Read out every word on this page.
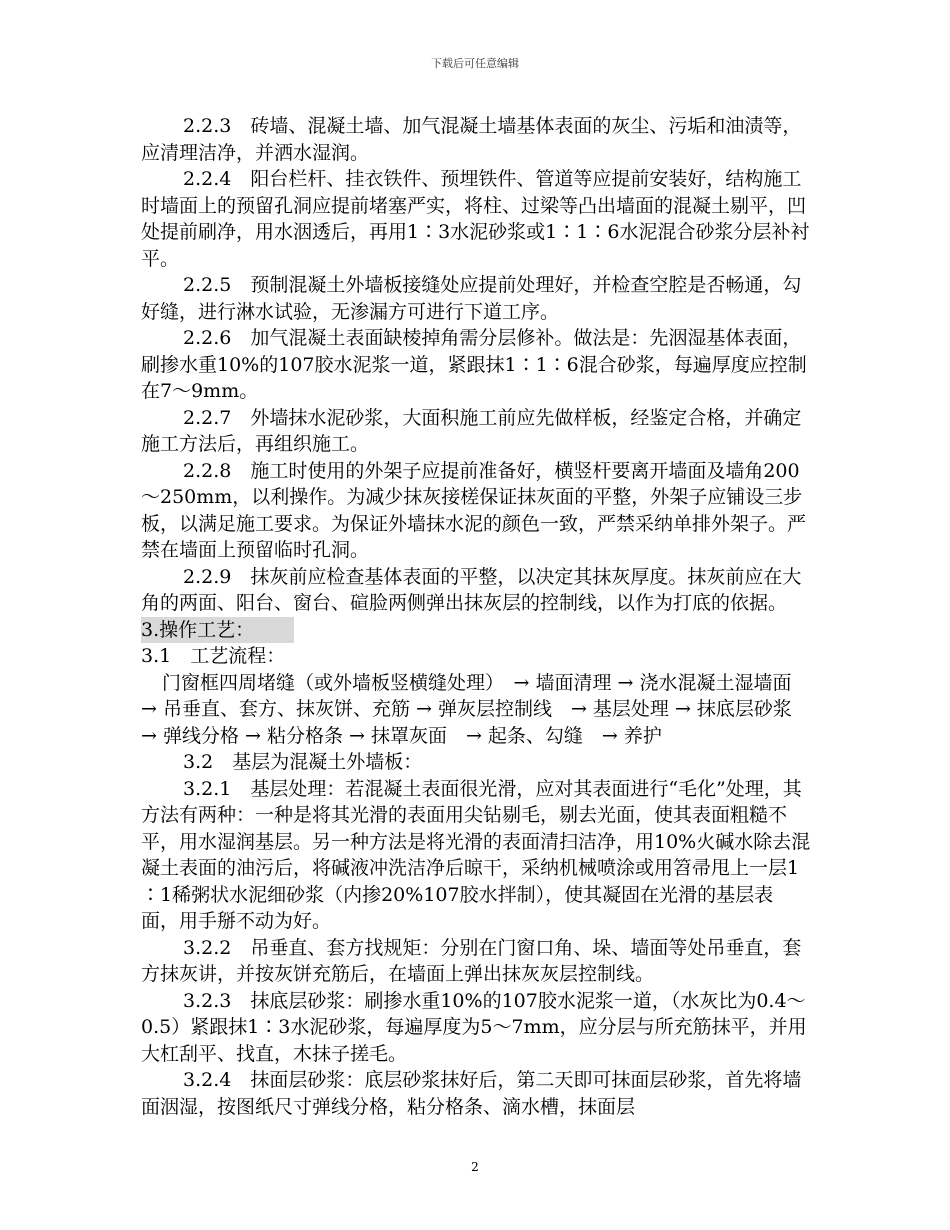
下载后可任意编辑

2.2.3　砖墙、混凝土墙、加气混凝土墙基体表面的灰尘、污垢和油渍等，应清理洁净，并洒水湿润。

2.2.4　阳台栏杆、挂衣铁件、预埋铁件、管道等应提前安装好，结构施工时墙面上的预留孔洞应提前堵塞严实，将柱、过梁等凸出墙面的混凝土剔平，凹处提前刷净，用水洇透后，再用1∶3水泥砂浆或1∶1∶6水泥混合砂浆分层补衬平。

2.2.5　预制混凝土外墙板接缝处应提前处理好，并检查空腔是否畅通，勾好缝，进行淋水试验，无渗漏方可进行下道工序。

2.2.6　加气混凝土表面缺棱掉角需分层修补。做法是：先洇湿基体表面，刷掺水重10%的107胶水泥浆一道，紧跟抹1∶1∶6混合砂浆，每遍厚度应控制在7～9mm。

2.2.7　外墙抹水泥砂浆，大面积施工前应先做样板，经鉴定合格，并确定施工方法后，再组织施工。

2.2.8　施工时使用的外架子应提前准备好，横竖杆要离开墙面及墙角200～250mm，以利操作。为减少抹灰接槎保证抹灰面的平整，外架子应铺设三步板，以满足施工要求。为保证外墙抹水泥的颜色一致，严禁采纳单排外架子。严禁在墙面上预留临时孔洞。

2.2.9　抹灰前应检查基体表面的平整，以决定其抹灰厚度。抹灰前应在大角的两面、阳台、窗台、碹脸两侧弹出抹灰层的控制线，以作为打底的依据。

3.操作工艺：

3.1　工艺流程：

门窗框四周堵缝（或外墙板竖横缝处理）　→ 墙面清理 → 浇水混凝土湿墙面　→ 吊垂直、套方、抹灰饼、充筋 → 弹灰层控制线　→ 基层处理 → 抹底层砂浆　→ 弹线分格 → 粘分格条 → 抹罩灰面　→ 起条、勾缝　→ 养护

3.2　基层为混凝土外墙板：

3.2.1　基层处理：若混凝土表面很光滑，应对其表面进行“毛化”处理，其方法有两种：一种是将其光滑的表面用尖钻剔毛，剔去光面，使其表面粗糙不平，用水湿润基层。另一种方法是将光滑的表面清扫洁净，用10%火碱水除去混凝土表面的油污后，将碱液冲洗洁净后晾干，采纳机械喷涂或用笤帚甩上一层1∶1稀粥状水泥细砂浆（内掺20%107胶水拌制），使其凝固在光滑的基层表面，用手掰不动为好。

3.2.2　吊垂直、套方找规矩：分别在门窗口角、垛、墙面等处吊垂直，套方抹灰讲，并按灰饼充筋后，在墙面上弹出抹灰灰层控制线。

3.2.3　抹底层砂浆：刷掺水重10%的107胶水泥浆一道，（水灰比为0.4～0.5）紧跟抹1∶3水泥砂浆，每遍厚度为5～7mm，应分层与所充筋抹平，并用大杠刮平、找直，木抹子搓毛。

3.2.4　抹面层砂浆：底层砂浆抹好后，第二天即可抹面层砂浆，首先将墙面洇湿，按图纸尺寸弹线分格，粘分格条、滴水槽，抹面层

2
